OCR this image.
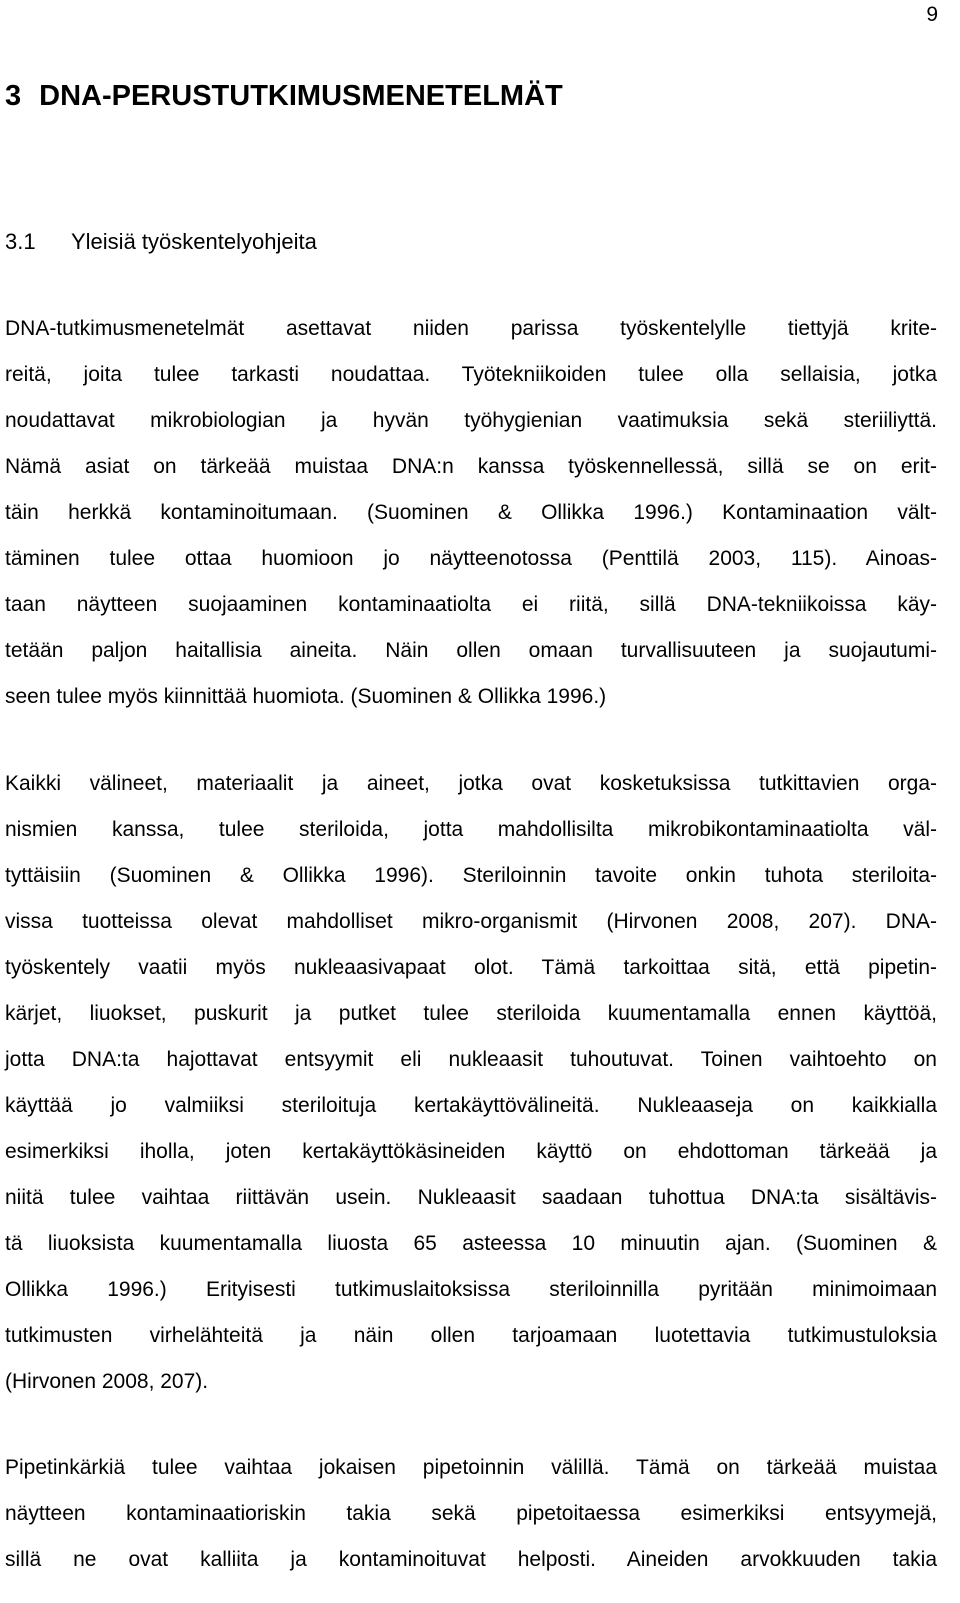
9
3 DNA-PERUSTUTKIMUSMENETELMÄT
3.1 Yleisiä työskentelyohjeita

DNA-tutkimusmenetelmät asettavat niiden parissa työskentelylle tiettyjä krite-
reitä, joita tulee tarkasti noudattaa. Työtekniikoiden tulee olla sellaisia, jotka
noudattavat mikrobiologian ja hyvän työhygienian vaatimuksia sekä steriiliyttä.
Nämä asiat on tärkeää muistaa DNA:n kanssa työskennellessä, sillä se on erit-
täin herkkä kontaminoitumaan. (Suominen & Ollikka 1996.) Kontaminaation vält-
täminen tulee ottaa huomioon jo näytteenotossa (Penttilä 2003, 115). Ainoas-
taan näytteen suojaaminen kontaminaatiolta ei riitä, sillä DNA-tekniikoissa käy-
tetään paljon haitallisia aineita. Näin ollen omaan turvallisuuteen ja suojautumi-
seen tulee myös kiinnittää huomiota. (Suominen & Ollikka 1996.)

Kaikki välineet, materiaalit ja aineet, jotka ovat kosketuksissa tutkittavien orga-
nismien kanssa, tulee steriloida, jotta mahdollisilta mikrobikontaminaatiolta väl-
tyttäisiin (Suominen & Ollikka 1996). Steriloinnin tavoite onkin tuhota steriloita-
vissa tuotteissa olevat mahdolliset mikro-organismit (Hirvonen 2008, 207). DNA-
työskentely vaatii myös nukleaasivapaat olot. Tämä tarkoittaa sitä, että pipetin-
kärjet, liuokset, puskurit ja putket tulee steriloida kuumentamalla ennen käyttöä,
jotta DNA:ta hajottavat entsyymit eli nukleaasit tuhoutuvat. Toinen vaihtoehto on
käyttää jo valmiiksi steriloituja kertakäyttövälineitä. Nukleaaseja on kaikkialla
esimerkiksi iholla, joten kertakäyttökäsineiden käyttö on ehdottoman tärkeää ja
niitä tulee vaihtaa riittävän usein. Nukleaasit saadaan tuhottua DNA:ta sisältävis-
tä liuoksista kuumentamalla liuosta 65 asteessa 10 minuutin ajan. (Suominen &
Ollikka 1996.) Erityisesti tutkimuslaitoksissa steriloinnilla pyritään minimoimaan
tutkimusten virhelähteitä ja näin ollen tarjoamaan luotettavia tutkimustuloksia
(Hirvonen 2008, 207).

Pipetinkärkiä tulee vaihtaa jokaisen pipetoinnin välillä. Tämä on tärkeää muistaa
näytteen kontaminaatioriskin takia sekä pipetoitaessa esimerkiksi entsyymejä,
sillä ne ovat kalliita ja kontaminoituvat helposti. Aineiden arvokkuuden takia
